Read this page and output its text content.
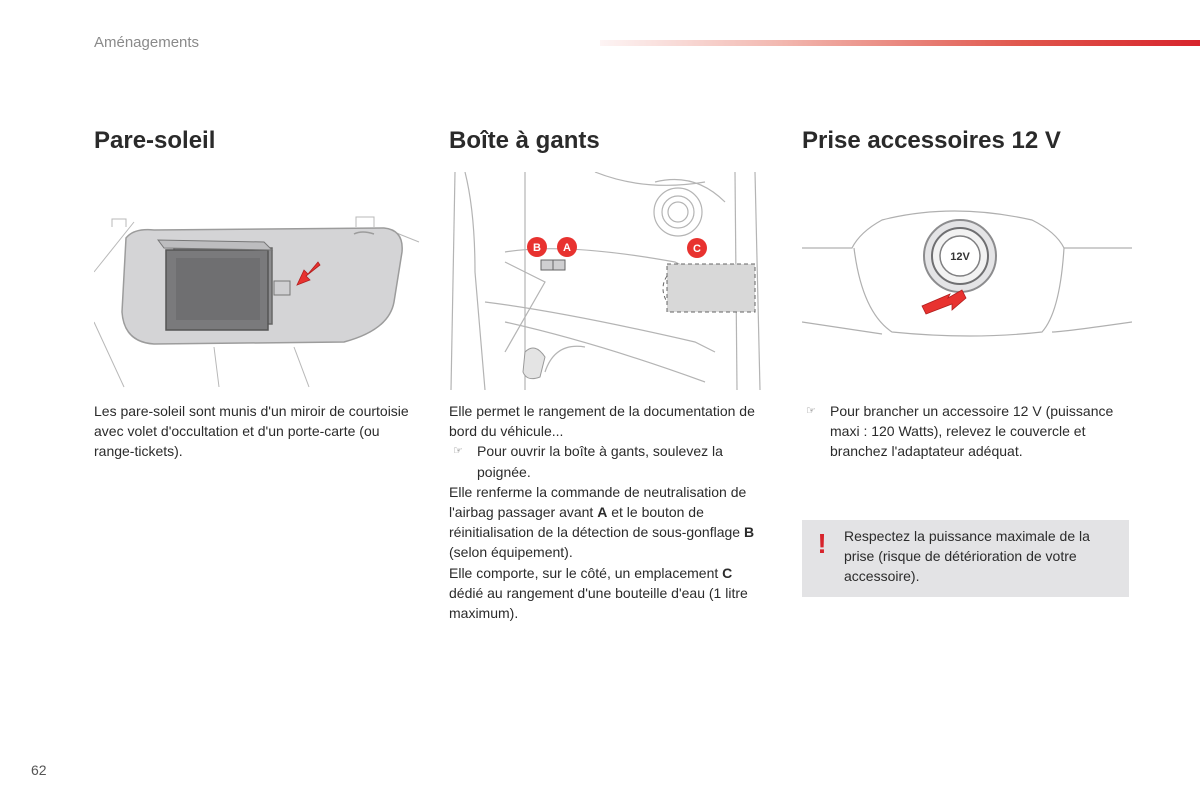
Aménagements
Pare-soleil

Les pare-soleil sont munis d'un miroir de courtoisie avec volet d'occultation et d'un porte-carte (ou range-tickets).

Boîte à gants
B A	C

Elle permet le rangement de la documentation de bord du véhicule...

☞	Pour ouvrir la boîte à gants, soulevez la poignée.

Elle renferme la commande de neutralisation de l'airbag passager avant A et le bouton de réinitialisation de la détection de sous-gonflage B (selon équipement).

Elle comporte, sur le côté, un emplacement C dédié au rangement d'une bouteille d'eau (1 litre maximum).

Prise accessoires 12 V
12V
☞	Pour brancher un accessoire 12 V (puissance maxi : 120 Watts), relevez le couvercle et branchez l'adaptateur adéquat.
! Respectez la puissance maximale de la prise (risque de détérioration de votre accessoire).
62
